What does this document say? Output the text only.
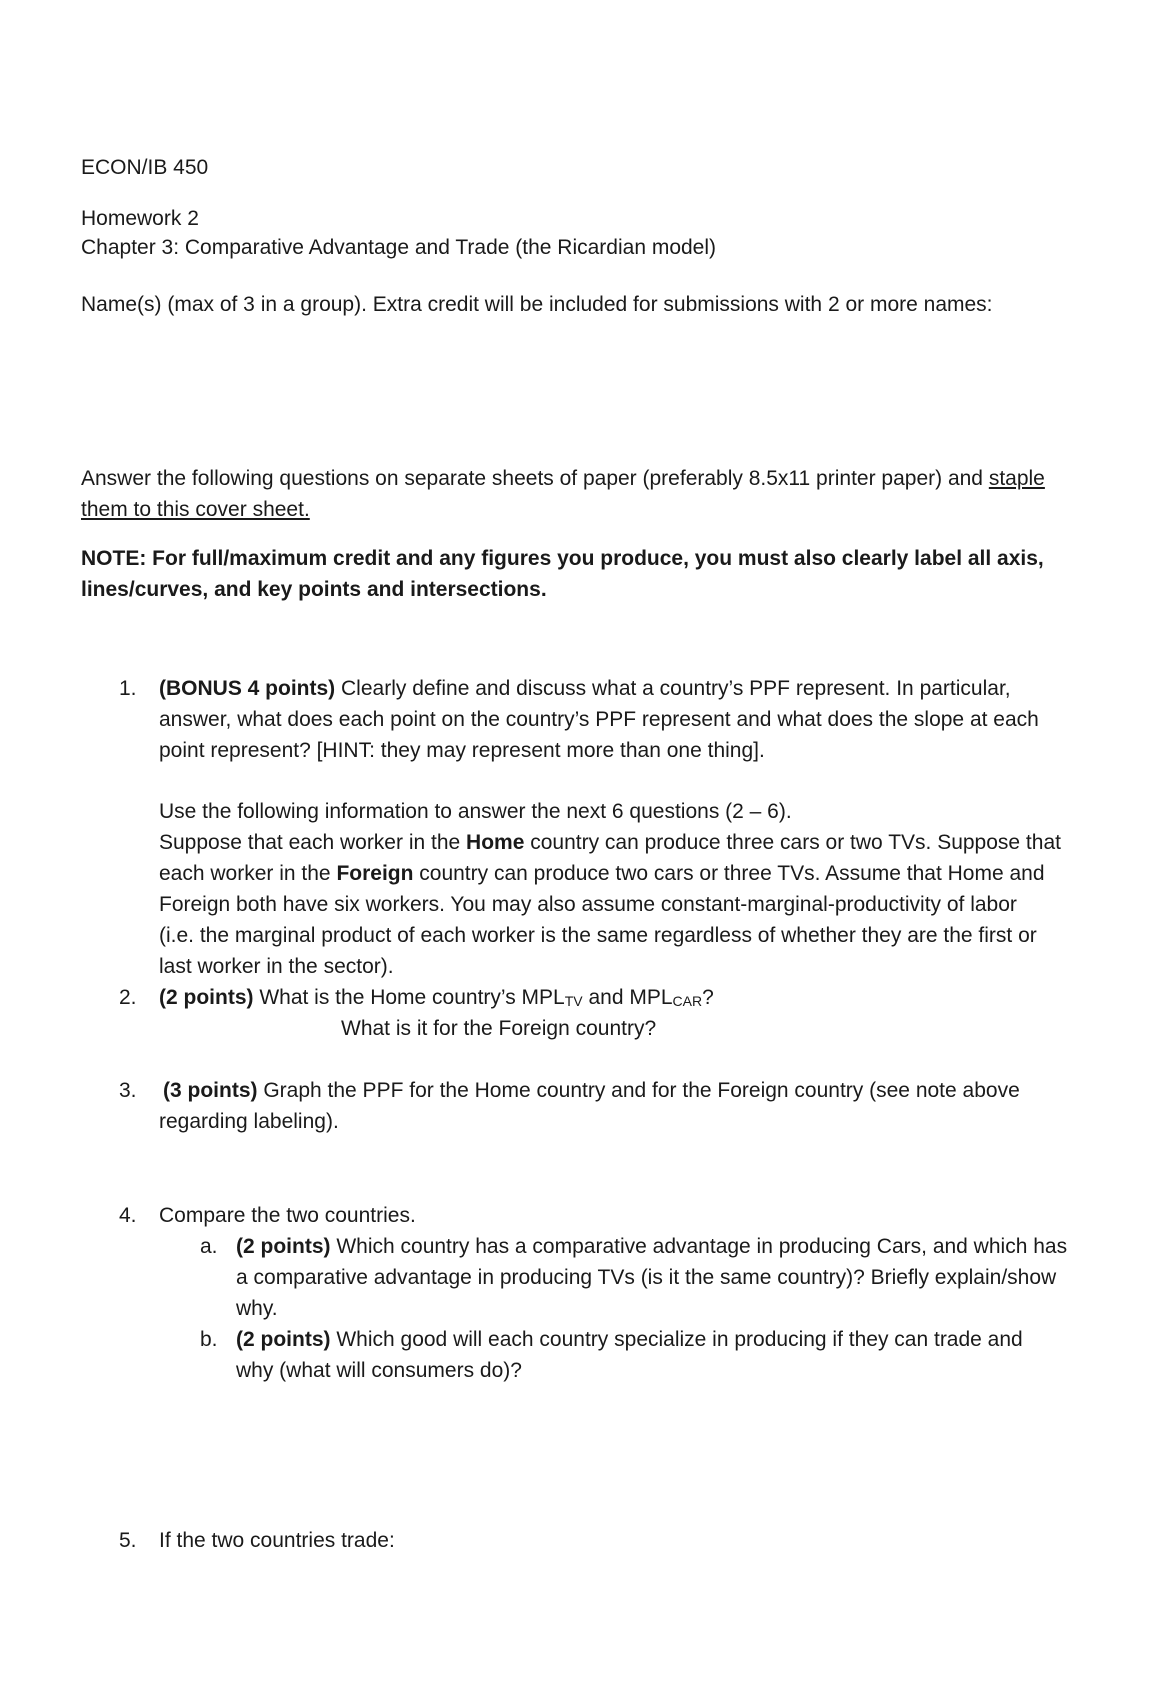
ECON/IB 450

Homework 2

Chapter 3: Comparative Advantage and Trade (the Ricardian model)

Name(s) (max of 3 in a group). Extra credit will be included for submissions with 2 or more names:

Answer the following questions on separate sheets of paper (preferably 8.5x11 printer paper) and staple

them to this cover sheet.

NOTE: For full/maximum credit and any figures you produce, you must also clearly label all axis,

lines/curves, and key points and intersections.

1. (BONUS 4 points) Clearly define and discuss what a country’s PPF represent. In particular,

answer, what does each point on the country’s PPF represent and what does the slope at each

point represent? [HINT: they may represent more than one thing].

Use the following information to answer the next 6 questions (2 – 6).

Suppose that each worker in the Home country can produce three cars or two TVs. Suppose that

each worker in the Foreign country can produce two cars or three TVs. Assume that Home and

Foreign both have six workers. You may also assume constant-marginal-productivity of labor

(i.e. the marginal product of each worker is the same regardless of whether they are the first or

last worker in the sector).

2. (2 points) What is the Home country’s MPLTV and MPLCAR?

What is it for the Foreign country?

3. (3 points) Graph the PPF for the Home country and for the Foreign country (see note above

regarding labeling).

4. Compare the two countries.

a. (2 points) Which country has a comparative advantage in producing Cars, and which has

a comparative advantage in producing TVs (is it the same country)? Briefly explain/show

why.

b. (2 points) Which good will each country specialize in producing if they can trade and

why (what will consumers do)?

5. If the two countries trade:
